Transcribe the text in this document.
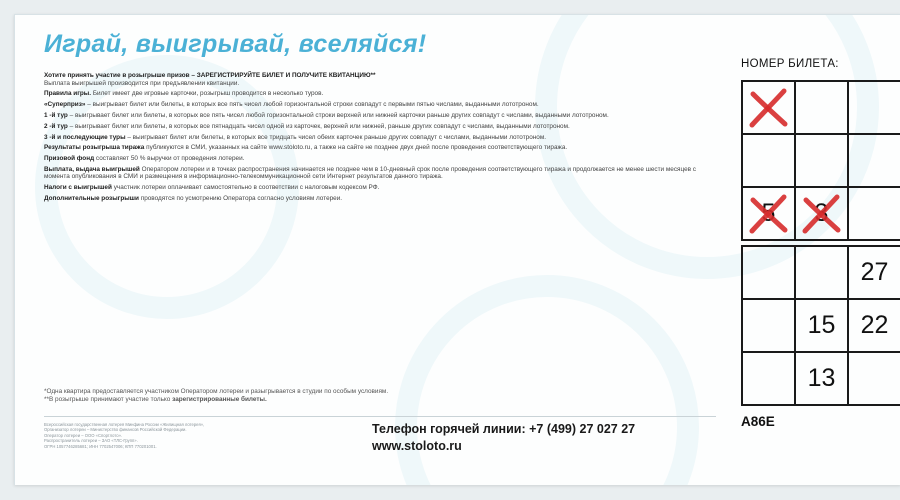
Играй, выигрывай, вселяйся!

Хотите принять участие в розыгрыше призов – ЗАРЕГИСТРИРУЙТЕ БИЛЕТ И ПОЛУЧИТЕ КВИТАНЦИЮ**
Выплата выигрышей производится при предъявлении квитанции.

Правила игры. Билет имеет две игровые карточки, розыгрыш проводится в несколько туров.

«Суперприз» – выигрывает билет или билеты, в которых все пять чисел любой горизонтальной строки совпадут с первыми пятью числами, выданными лототроном.

1 -й тур – выигрывает билет или билеты, в которых все пять чисел любой горизонтальной строки верхней или нижней карточки раньше других совпадут с числами, выданными лототроном.

2 -й тур – выигрывает билет или билеты, в которых все пятнадцать чисел одной из карточек, верхней или нижней, раньше других совпадут с числами, выданными лототроном.

3 -й и последующие туры – выигрывает билет или билеты, в которых все тридцать чисел обеих карточек раньше других совпадут с числами, выданными лототроном.

Результаты розыгрыша тиража публикуются в СМИ, указанных на сайте www.stoloto.ru, а также на сайте не позднее двух дней после проведения соответствующего тиража.

Призовой фонд составляет 50 % выручки от проведения лотереи.

Выплата, выдача выигрышей Оператором лотереи и в точках распространения начинается не позднее чем в 10-дневный срок после проведения соответствующего тиража и продолжается не менее шести месяцев с момента опубликования в СМИ и размещения в информационно-телекоммуникационной сети Интернет результатов данного тиража.

Налоги с выигрышей участник лотереи оплачивает самостоятельно в соответствии с налоговым кодексом РФ.

Дополнительные розыгрыши проводятся по усмотрению Оператора согласно условиям лотереи.

*Одна квартира предоставляется участником Оператором лотереи и разыгрывается в студии по особым условиям.

**В розыгрыше принимают участие только зарегистрированные билеты.

Всероссийская государственная лотерея Минфина России «Жилищная лотерея»,

Организатор лотереи – Министерство финансов Российской Федерации.

Оператор лотереи – ООО «Спортлото».

Распространитель лотереи – ЗАО «ТЛС-Групп».

ОГРН 1057746285681; ИНН 7702547006; КПП 770201001.

Телефон горячей линии: +7 (499) 27 027 27
www.stoloto.ru
НОМЕР БИЛЕТА:

5	3	

		27

	15	22

	13	

A86E
